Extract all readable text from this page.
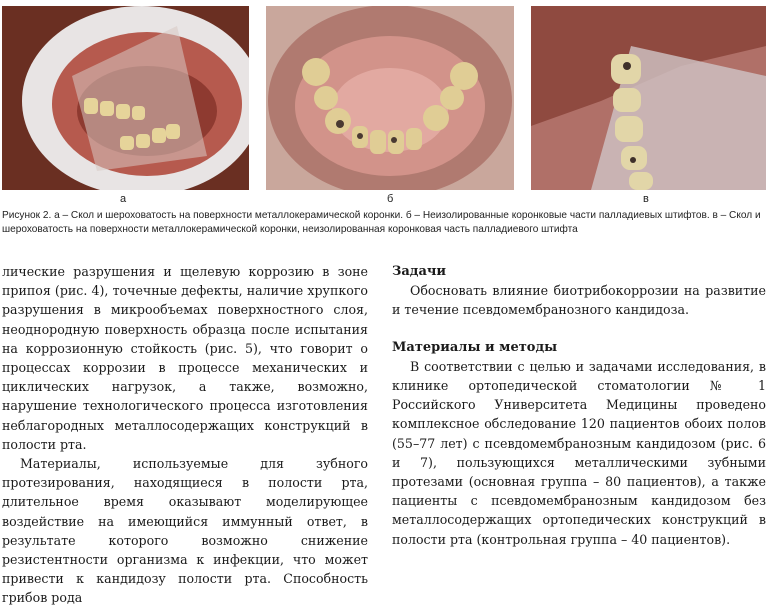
а	б	в

Рисунок 2. а – Скол и шероховатость на поверхности металлокерамической коронки. б – Неизолированные коронковые части палладиевых штифтов. в – Скол и шероховатость на поверхности металлокерамической коронки, неизолированная коронковая часть палладиевого штифта

лические разрушения и щелевую коррозию в зоне припоя (рис. 4), точечные дефекты, наличие хрупкого разрушения в микрообъемах поверхностного слоя, неоднородную поверхность образца после испытания на коррозионную стойкость (рис. 5), что говорит о процессах коррозии в процессе механических и циклических нагрузок, а также, возможно, нарушение технологического процесса изготовления неблагородных металлосодержащих конструкций в полости рта.

Материалы, используемые для зубного протезирования, находящиеся в полости рта, длительное время оказывают моделирующее воздействие на имеющийся иммунный ответ, в результате которого возможно снижение резистентности организма к инфекции, что может привести к кандидозу полости рта. Способность грибов рода

Задачи

Обосновать влияние биотрибокоррозии на развитие и течение псевдомембранозного кандидоза.

Материалы и методы

В соответствии с целью и задачами исследования, в клинике ортопедической стоматологии № 1 Российского Университета Медицины проведено комплексное обследование 120 пациентов обоих полов (55–77 лет) с псевдомембранозным кандидозом (рис. 6 и 7), пользующихся металлическими зубными протезами (основная группа – 80 пациентов), а также пациенты с псевдомембранозным кандидозом без металлосодержащих ортопедических конструкций в полости рта (контрольная группа – 40 пациентов).
